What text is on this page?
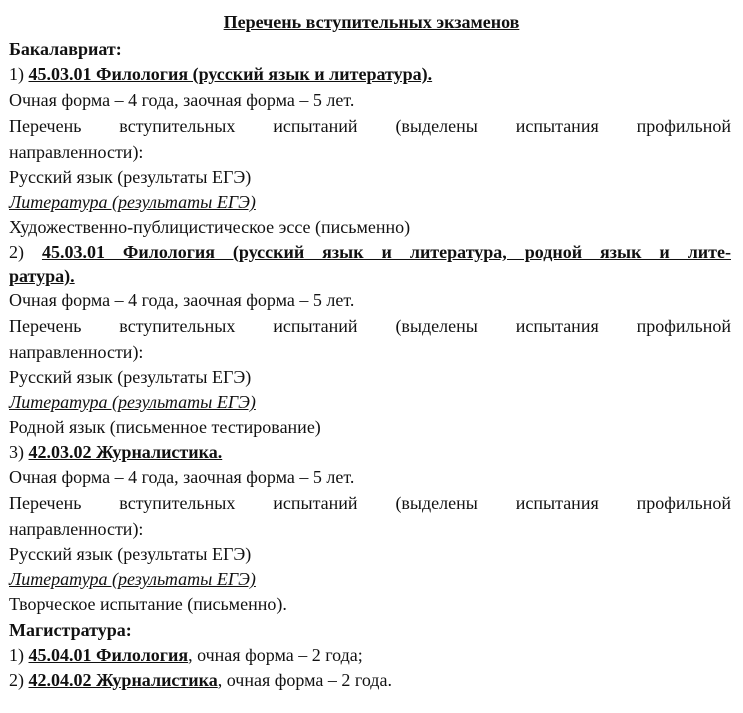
Перечень вступительных экзаменов
Бакалавриат:
1) 45.03.01 Филология (русский язык и литература).
Очная форма – 4 года, заочная форма – 5 лет.
Перечень вступительных испытаний (выделены испытания профильной
направленности):
Русский язык (результаты ЕГЭ)
Литература (результаты ЕГЭ)
Художественно-публицистическое эссе (письменно)
2) 45.03.01 Филология (русский язык и литература, родной язык и лите-
ратура).
Очная форма – 4 года, заочная форма – 5 лет.
Перечень вступительных испытаний (выделены испытания профильной
направленности):
Русский язык (результаты ЕГЭ)
Литература (результаты ЕГЭ)
Родной язык (письменное тестирование)
3) 42.03.02 Журналистика.
Очная форма – 4 года, заочная форма – 5 лет.
Перечень вступительных испытаний (выделены испытания профильной
направленности):
Русский язык (результаты ЕГЭ)
Литература (результаты ЕГЭ)
Творческое испытание (письменно).
Магистратура:
1) 45.04.01 Филология, очная форма – 2 года;
2) 42.04.02 Журналистика, очная форма – 2 года.
